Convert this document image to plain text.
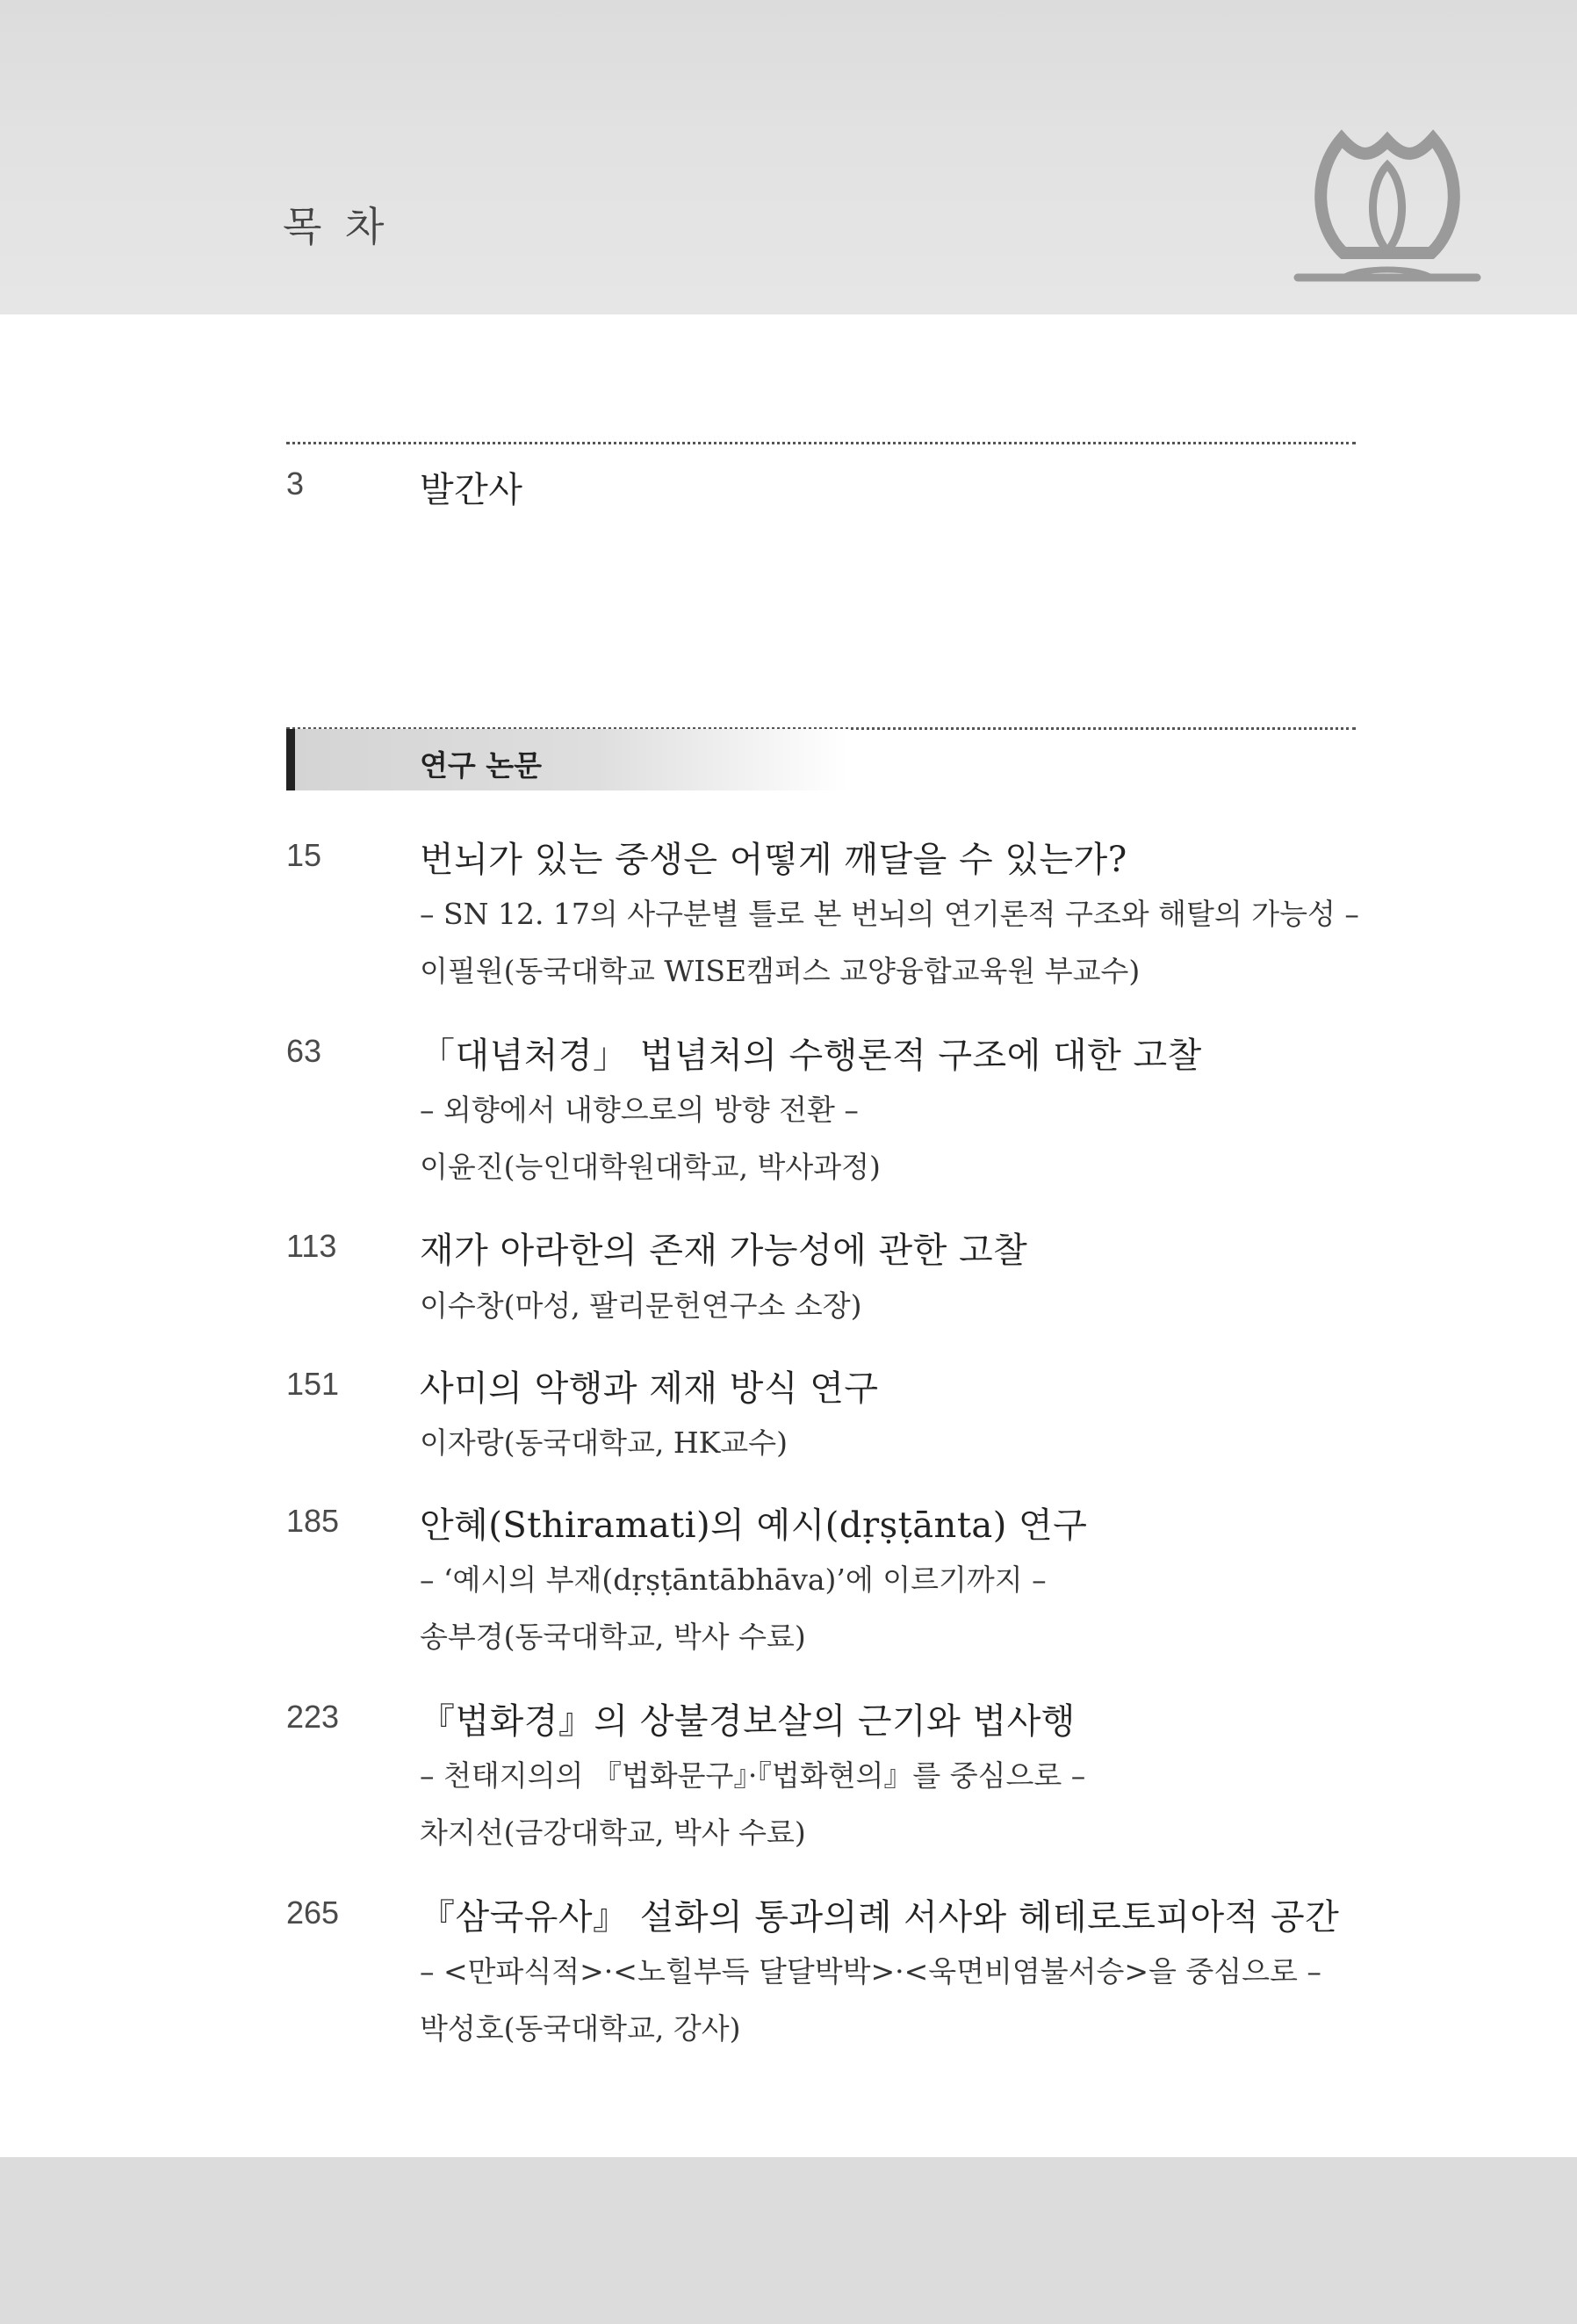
목 차
3	발간사
연구 논문
15	번뇌가 있는 중생은 어떻게 깨달을 수 있는가?
– SN 12. 17의 사구분별 틀로 본 번뇌의 연기론적 구조와 해탈의 가능성 –
이필원(동국대학교 WISE캠퍼스 교양융합교육원 부교수)
63	「대념처경」 법념처의 수행론적 구조에 대한 고찰
– 외향에서 내향으로의 방향 전환 –
이윤진(능인대학원대학교, 박사과정)
113	재가 아라한의 존재 가능성에 관한 고찰
이수창(마성, 팔리문헌연구소 소장)
151	사미의 악행과 제재 방식 연구
이자랑(동국대학교, HK교수)
185	안혜(Sthiramati)의 예시(dṛṣṭānta) 연구
– ‘예시의 부재(dṛṣṭāntābhāva)’에 이르기까지 –
송부경(동국대학교, 박사 수료)
223	『법화경』의 상불경보살의 근기와 법사행
– 천태지의의 『법화문구』·『법화현의』를 중심으로 –
차지선(금강대학교, 박사 수료)
265	『삼국유사』 설화의 통과의례 서사와 헤테로토피아적 공간
– <만파식적>·<노힐부득 달달박박>·<욱면비염불서승>을 중심으로 –
박성호(동국대학교, 강사)
